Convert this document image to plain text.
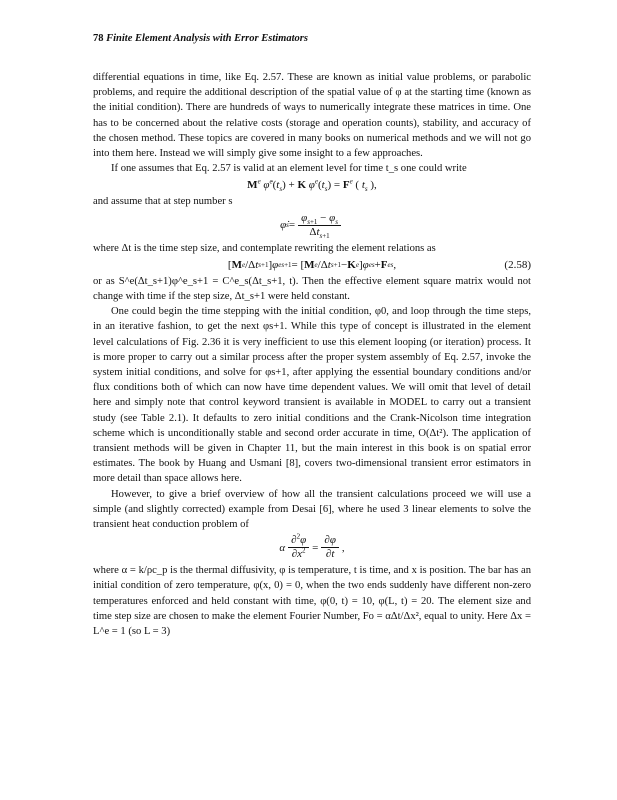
78 Finite Element Analysis with Error Estimators

differential equations in time, like Eq. 2.57. These are known as initial value problems, or parabolic problems, and require the additional description of the spatial value of φ at the starting time (known as the initial condition). There are hundreds of ways to numerically integrate these matrices in time. One has to be concerned about the relative costs (storage and operation counts), stability, and accuracy of the chosen method. These topics are covered in many books on numerical methods and we will not go into them here. Instead we will simply give some insight to a few approaches.

If one assumes that Eq. 2.57 is valid at an element level for time t_s one could write

Me $\varphi̇^e(t_s) + K$ $\varphi^e(t_s) = F^e$ ( $t_s$ ),

and assume that at step number s

φ̇ $s = \frac{\varphi_{s+1} - \varphi_s}{\Delta t_{s+1}}$

where Δt is the time step size, and contemplate rewriting the element relations as

[ M e /Δ t s+1 ] φ e s+1 = [ M e /Δ t s+1 − K e ] φ e s + F e s ,	(2.58)

or as S^e(Δt_s+1)φ^e_s+1 = C^e_s(Δt_s+1, t). Then the effective element square matrix would not change with time if the step size, Δt_s+1 were held constant.

One could begin the time stepping with the initial condition, φ0, and loop through the time steps, in an iterative fashion, to get the next φs+1. While this type of concept is illustrated in the element level calculations of Fig. 2.36 it is very inefficient to use this element looping (or iteration) process. It is more proper to carry out a similar process after the proper system assembly of Eq. 2.57, invoke the system initial conditions, and solve for φs+1, after applying the essential boundary conditions and/or flux conditions both of which can now have time dependent values. We will omit that level of detail here and simply note that control keyword transient is available in MODEL to carry out a transient study (see Table 2.1). It defaults to zero initial conditions and the Crank-Nicolson time integration scheme which is unconditionally stable and second order accurate in time, O(Δt²). The application of transient methods will be given in Chapter 11, but the main interest in this book is on spatial error estimates. The book by Huang and Usmani [8], covers two-dimensional transient error estimators in more detail than space allows here.

However, to give a brief overview of how all the transient calculations proceed we will use a simple (and slightly corrected) example from Desai [6], where he used 3 linear elements to solve the transient heat conduction problem of

α $\frac{\partial^2\varphi}{\partial x^2} = \frac{\partial\varphi}{\partial t}$ ,

where α = k/ρc_p is the thermal diffusivity, φ is temperature, t is time, and x is position. The bar has an initial condition of zero temperature, φ(x, 0) = 0, when the two ends suddenly have different non-zero temperatures enforced and held constant with time, φ(0, t) = 10, φ(L, t) = 20. The element size and time step size are chosen to make the element Fourier Number, Fo = αΔt/Δx², equal to unity. Here Δx = L^e = 1 (so L = 3)
